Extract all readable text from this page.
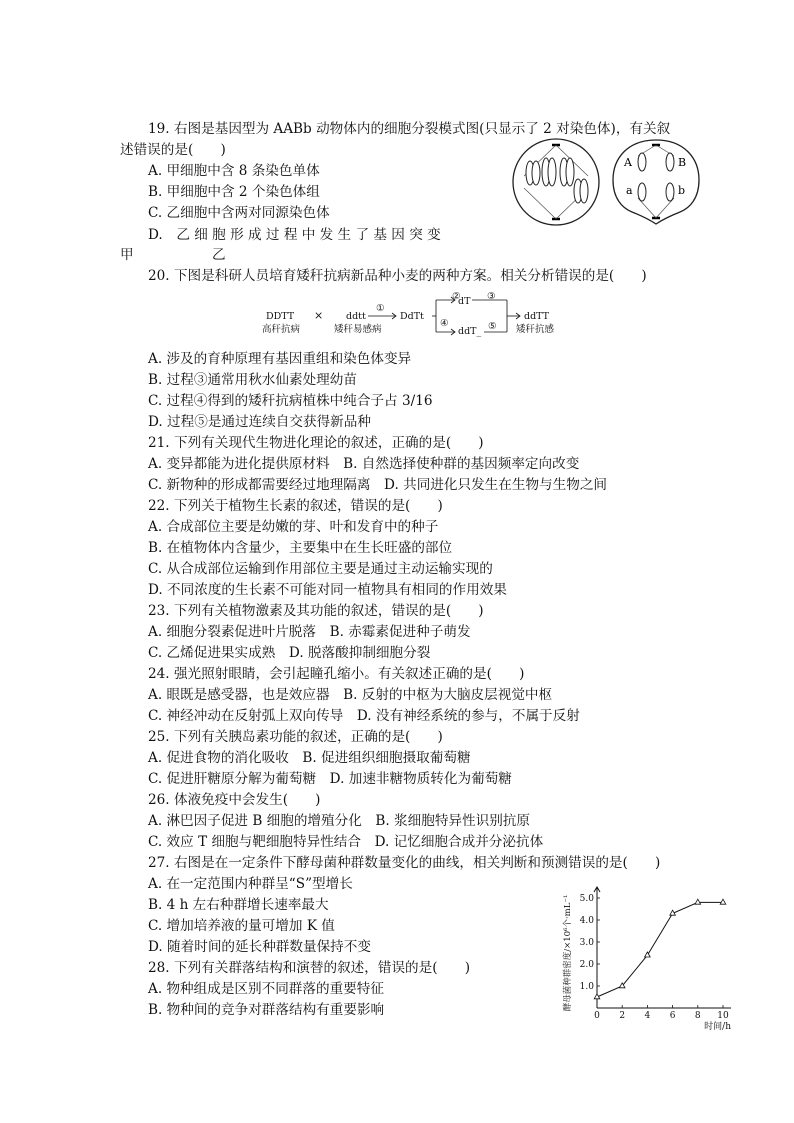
19. 右图是基因型为 AABb 动物体内的细胞分裂模式图(只显示了 2 对染色体)，有关叙
述错误的是(　　)
A. 甲细胞中含 8 条染色单体
B. 甲细胞中含 2 个染色体组
C. 乙细胞中含两对同源染色体
D.　乙 细 胞 形 成 过 程 中 发 生 了 基 因 突 变
甲	乙
A
a
B
b
20. 下图是科研人员培育矮秆抗病新品种小麦的两种方案。相关分析错误的是(　　)
DDTT
高秆抗病
× ddtt
矮秆易感病
①
DdTt
②
dT ③
④
ddT_ ⑤
ddTT
矮秆抗感
A. 涉及的育种原理有基因重组和染色体变异
B. 过程③通常用秋水仙素处理幼苗
C. 过程④得到的矮秆抗病植株中纯合子占 3/16
D. 过程⑤是通过连续自交获得新品种
21. 下列有关现代生物进化理论的叙述，正确的是(　　)
A. 变异都能为进化提供原材料　B. 自然选择使种群的基因频率定向改变
C. 新物种的形成都需要经过地理隔离　D. 共同进化只发生在生物与生物之间
22. 下列关于植物生长素的叙述，错误的是(　　)
A. 合成部位主要是幼嫩的芽、叶和发育中的种子
B. 在植物体内含量少，主要集中在生长旺盛的部位
C. 从合成部位运输到作用部位主要是通过主动运输实现的
D. 不同浓度的生长素不可能对同一植物具有相同的作用效果
23. 下列有关植物激素及其功能的叙述，错误的是(　　)
A. 细胞分裂素促进叶片脱落　B. 赤霉素促进种子萌发
C. 乙烯促进果实成熟　D. 脱落酸抑制细胞分裂
24. 强光照射眼睛，会引起瞳孔缩小。有关叙述正确的是(　　)
A. 眼既是感受器，也是效应器　B. 反射的中枢为大脑皮层视觉中枢
C. 神经冲动在反射弧上双向传导　D. 没有神经系统的参与，不属于反射
25. 下列有关胰岛素功能的叙述，正确的是(　　)
A. 促进食物的消化吸收　B. 促进组织细胞摄取葡萄糖
C. 促进肝糖原分解为葡萄糖　D. 加速非糖物质转化为葡萄糖
26. 体液免疫中会发生(　　)
A. 淋巴因子促进 B 细胞的增殖分化　B. 浆细胞特异性识别抗原
C. 效应 T 细胞与靶细胞特异性结合　D. 记忆细胞合成并分泌抗体
27. 右图是在一定条件下酵母菌种群数量变化的曲线，相关判断和预测错误的是(　　)
A. 在一定范围内种群呈“S”型增长
B. 4 h 左右种群增长速率最大
C. 增加培养液的量可增加 K 值
D. 随着时间的延长种群数量保持不变
28. 下列有关群落结构和演替的叙述，错误的是(　　)
A. 物种组成是区别不同群落的重要特征
B. 物种间的竞争对群落结构有重要影响	0 2 4 6 8 10
1.0
2.0
3.0
4.0
5.0
酵母菌种群密度/×10⁶个·mL⁻¹
时间/h
